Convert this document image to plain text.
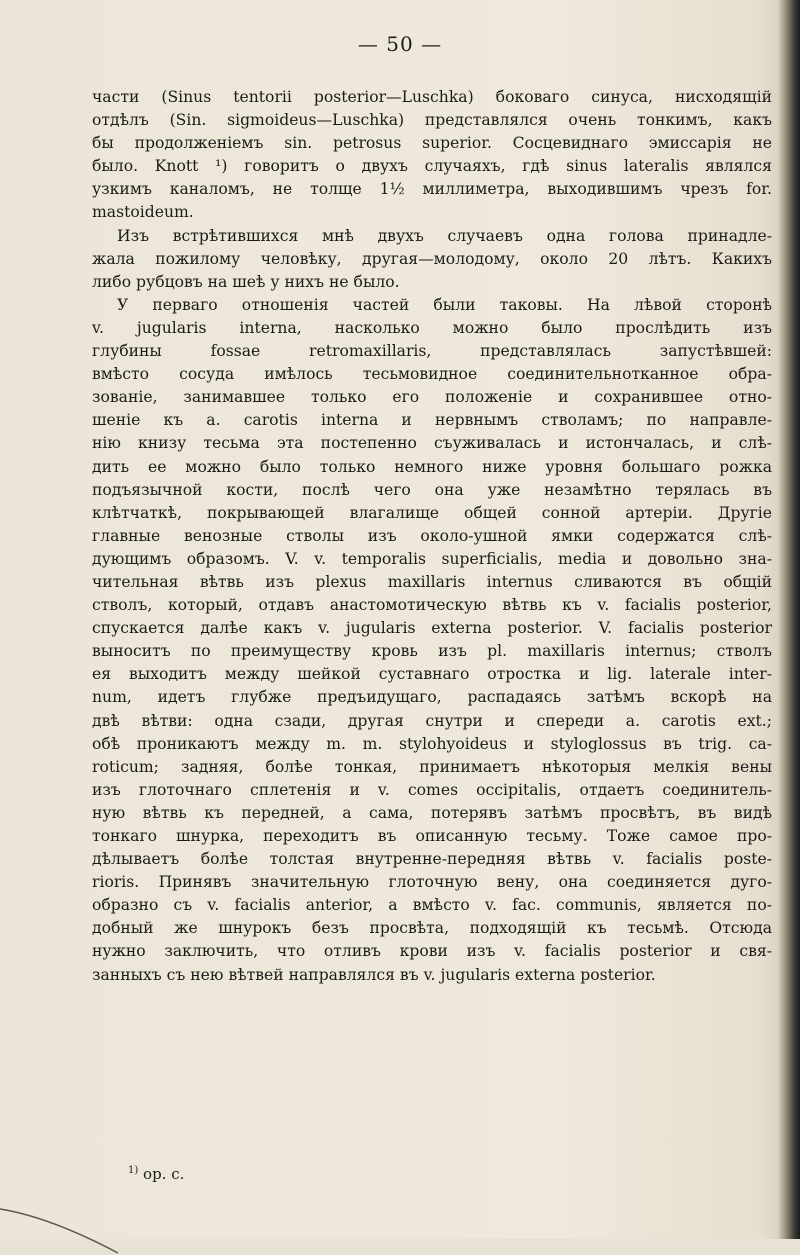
— 50 —
части (Sinus tentorii posterior—Luschka) боковаго синуса, нисходящій
отдѣлъ (Sin. sigmoideus—Luschka) представлялся очень тонкимъ, какъ
бы продолженіемъ sin. petrosus superior. Сосцевиднаго эмиссарія не
было. Knott ¹) говоритъ о двухъ случаяхъ, гдѣ sinus lateralis являлся
узкимъ каналомъ, не толще 1½ миллиметра, выходившимъ чрезъ for.
mastoideum.
Изъ встрѣтившихся мнѣ двухъ случаевъ одна голова принадле-
жала пожилому человѣку, другая—молодому, около 20 лѣтъ. Какихъ
либо рубцовъ на шеѣ у нихъ не было.
У перваго отношенія частей были таковы. На лѣвой сторонѣ
v. jugularis interna, насколько можно было прослѣдить изъ
глубины fossae retromaxillaris, представлялась запустѣвшей:
вмѣсто сосуда имѣлось тесьмовидное соединительнотканное обра-
зованіе, занимавшее только его положеніе и сохранившее отно-
шеніе къ a. carotis interna и нервнымъ стволамъ; по направле-
нію книзу тесьма эта постепенно съуживалась и истончалась, и слѣ-
дить ее можно было только немного ниже уровня большаго рожка
подъязычной кости, послѣ чего она уже незамѣтно терялась въ
клѣтчаткѣ, покрывающей влагалище общей сонной артеріи. Другіе
главные венозные стволы изъ около-ушной ямки содержатся слѣ-
дующимъ образомъ. V. v. temporalis superficialis, media и довольно зна-
чительная вѣтвь изъ plexus maxillaris internus сливаются въ общій
стволъ, который, отдавъ анастомотическую вѣтвь къ v. facialis posterior,
спускается далѣе какъ v. jugularis externa posterior. V. facialis posterior
выноситъ по преимуществу кровь изъ pl. maxillaris internus; стволъ
ея выходитъ между шейкой суставнаго отростка и lig. laterale inter-
num, идетъ глубже предъидущаго, распадаясь затѣмъ вскорѣ на
двѣ вѣтви: одна сзади, другая снутри и спереди a. carotis ext.;
обѣ проникаютъ между m. m. stylohyoideus и styloglossus въ trig. ca-
roticum; задняя, болѣе тонкая, принимаетъ нѣкоторыя мелкія вены
изъ глоточнаго сплетенія и v. comes occipitalis, отдаетъ соединитель-
ную вѣтвь къ передней, а сама, потерявъ затѣмъ просвѣтъ, въ видѣ
тонкаго шнурка, переходитъ въ описанную тесьму. Тоже самое про-
дѣлываетъ болѣе толстая внутренне-передняя вѣтвь v. facialis poste-
rioris. Принявъ значительную глоточную вену, она соединяется дуго-
образно съ v. facialis anterior, а вмѣсто v. fac. communis, является по-
добный же шнурокъ безъ просвѣта, подходящій къ тесьмѣ. Отсюда
нужно заключить, что отливъ крови изъ v. facialis posterior и свя-
занныхъ съ нею вѣтвей направлялся въ v. jugularis externa posterior.
$^{1)}$ op. c.
